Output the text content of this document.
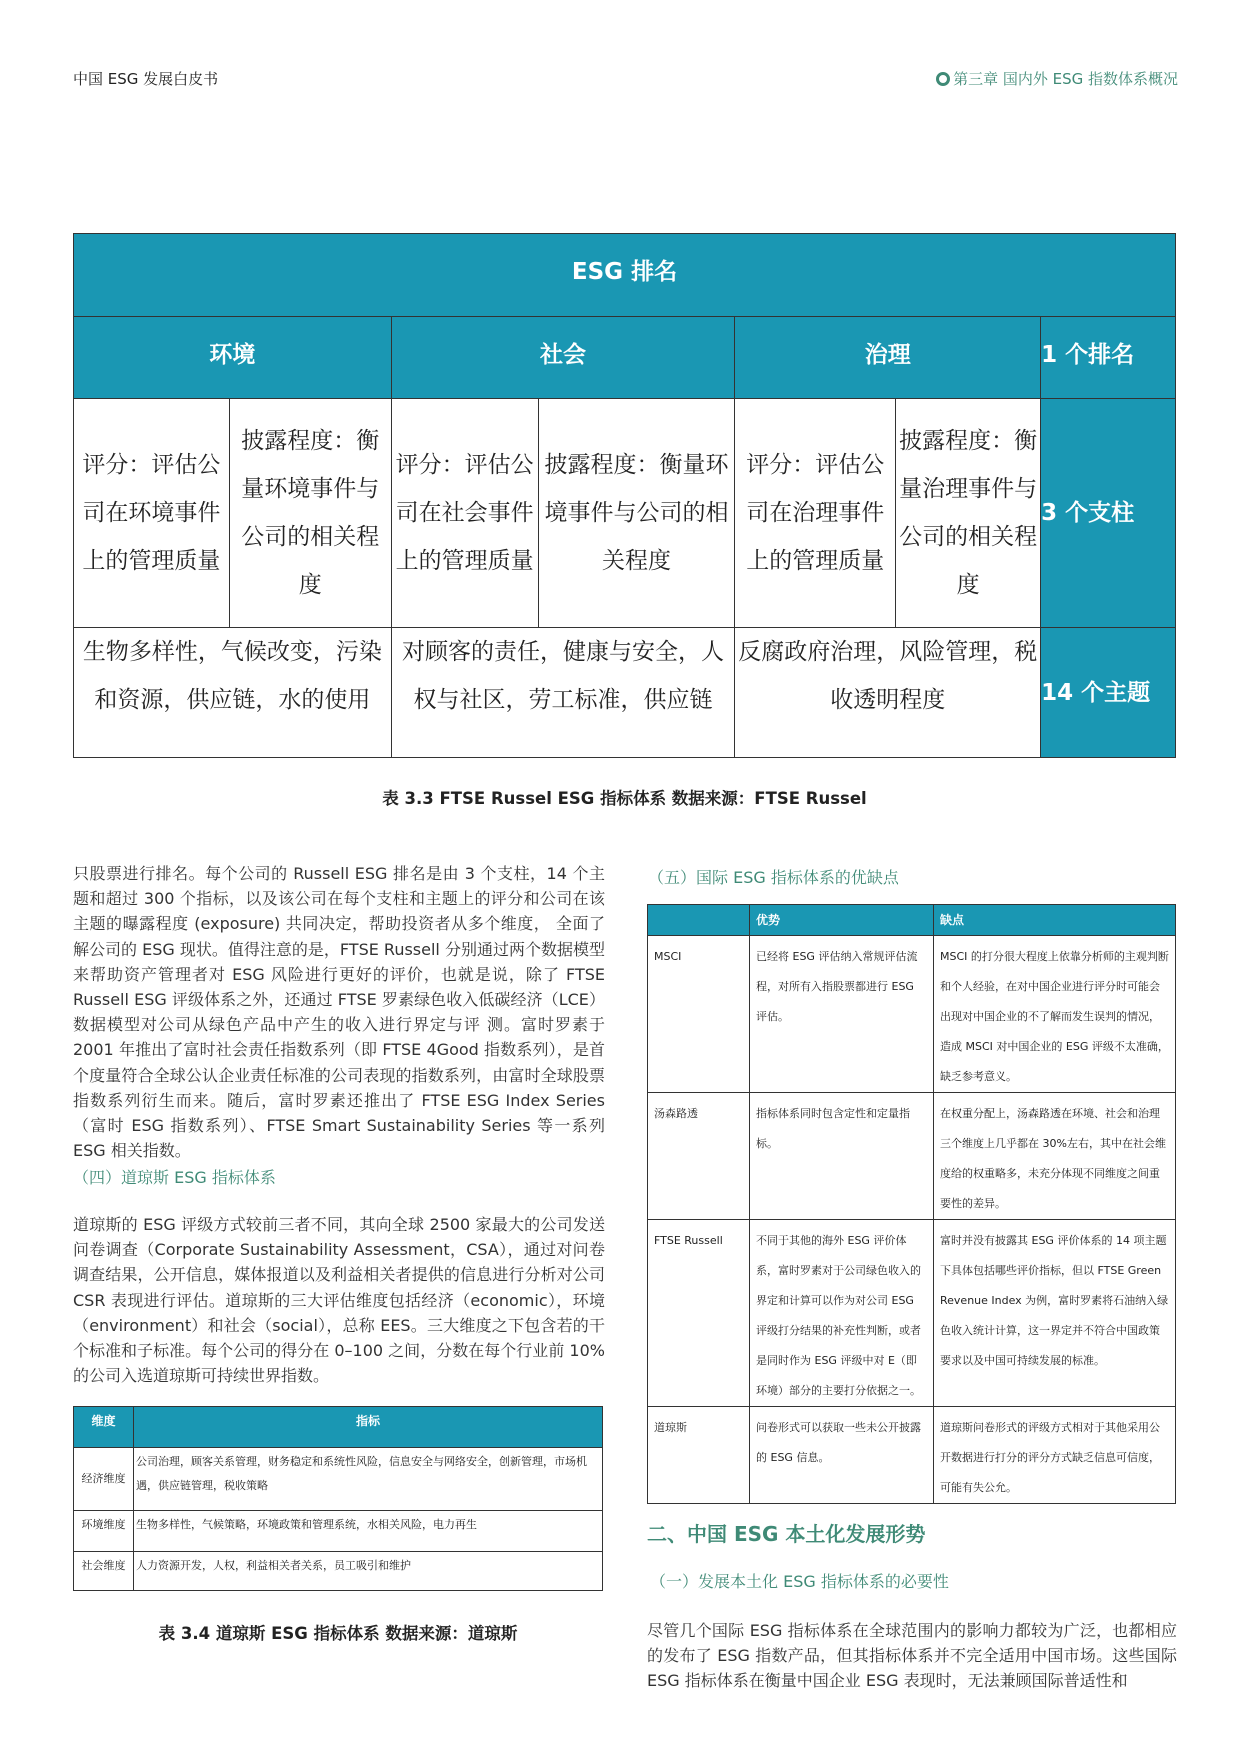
中国 ESG 发展白皮书	第三章 国内外 ESG 指数体系概况
ESG 排名						
环境		社会		治理		1 个排名
评分：评估公司在环境事件上的管理质量	披露程度：衡量环境事件与公司的相关程度	评分：评估公司在社会事件上的管理质量	披露程度：衡量环境事件与公司的相关程度	评分：评估公司在治理事件上的管理质量	披露程度：衡量治理事件与公司的相关程度	3 个支柱
生物多样性，气候改变，污染和资源，供应链，水的使用		对顾客的责任，健康与安全，人权与社区，劳工标准，供应链		反腐政府治理，风险管理，税收透明程度		14 个主题
表 3.3 FTSE Russel ESG 指标体系 数据来源：FTSE Russel
只股票进行排名。每个公司的 Russell ESG 排名是由 3 个支柱，14 个主题和超过 300 个指标，以及该公司在每个支柱和主题上的评分和公司在该主题的曝露程度 (exposure) 共同决定，帮助投资者从多个维度， 全面了解公司的 ESG 现状。值得注意的是，FTSE Russell 分别通过两个数据模型来帮助资产管理者对 ESG 风险进行更好的评价，也就是说，除了 FTSE Russell ESG 评级体系之外，还通过 FTSE 罗素绿色收入低碳经济（LCE）数据模型对公司从绿色产品中产生的收入进行界定与评 测。富时罗素于 2001 年推出了富时社会责任指数系列（即 FTSE 4Good 指数系列），是首个度量符合全球公认企业责任标准的公司表现的指数系列，由富时全球股票指数系列衍生而来。随后，富时罗素还推出了 FTSE ESG Index Series（富时 ESG 指数系列）、FTSE Smart Sustainability Series 等一系列 ESG 相关指数。
（四）道琼斯 ESG 指标体系
道琼斯的 ESG 评级方式较前三者不同，其向全球 2500 家最大的公司发送问卷调查（Corporate Sustainability Assessment，CSA），通过对问卷调查结果，公开信息，媒体报道以及利益相关者提供的信息进行分析对公司 CSR 表现进行评估。道琼斯的三大评估维度包括经济（economic），环境（environment）和社会（social），总称 EES。三大维度之下包含若的干个标准和子标准。每个公司的得分在 0–100 之间，分数在每个行业前 10% 的公司入选道琼斯可持续世界指数。
维度	指标
经济维度	公司治理，顾客关系管理，财务稳定和系统性风险，信息安全与网络安全，创新管理，市场机遇，供应链管理，税收策略
环境维度	生物多样性，气候策略，环境政策和管理系统，水相关风险，电力再生
社会维度	人力资源开发，人权，利益相关者关系，员工吸引和维护
表 3.4 道琼斯 ESG 指标体系 数据来源：道琼斯
（五）国际 ESG 指标体系的优缺点
	优势	缺点
MSCI	已经将 ESG 评估纳入常规评估流程，对所有入指股票都进行 ESG 评估。	MSCI 的打分很大程度上依靠分析师的主观判断和个人经验，在对中国企业进行评分时可能会出现对中国企业的不了解而发生误判的情况，造成 MSCI 对中国企业的 ESG 评级不太准确，缺乏参考意义。
汤森路透	指标体系同时包含定性和定量指标。	在权重分配上，汤森路透在环境、社会和治理三个维度上几乎都在 30%左右，其中在社会维度给的权重略多，未充分体现不同维度之间重要性的差异。
FTSE Russell	不同于其他的海外 ESG 评价体系，富时罗素对于公司绿色收入的界定和计算可以作为对公司 ESG 评级打分结果的补充性判断，或者是同时作为 ESG 评级中对 E（即环境）部分的主要打分依据之一。	富时并没有披露其 ESG 评价体系的 14 项主题下具体包括哪些评价指标，但以 FTSE Green Revenue Index 为例，富时罗素将石油纳入绿色收入统计计算，这一界定并不符合中国政策要求以及中国可持续发展的标准。
道琼斯	问卷形式可以获取一些未公开披露的 ESG 信息。	道琼斯问卷形式的评级方式相对于其他采用公开数据进行打分的评分方式缺乏信息可信度，可能有失公允。
二、中国 ESG 本土化发展形势
（一）发展本土化 ESG 指标体系的必要性
尽管几个国际 ESG 指标体系在全球范围内的影响力都较为广泛，也都相应的发布了 ESG 指数产品，但其指标体系并不完全适用中国市场。这些国际 ESG 指标体系在衡量中国企业 ESG 表现时，无法兼顾国际普适性和
